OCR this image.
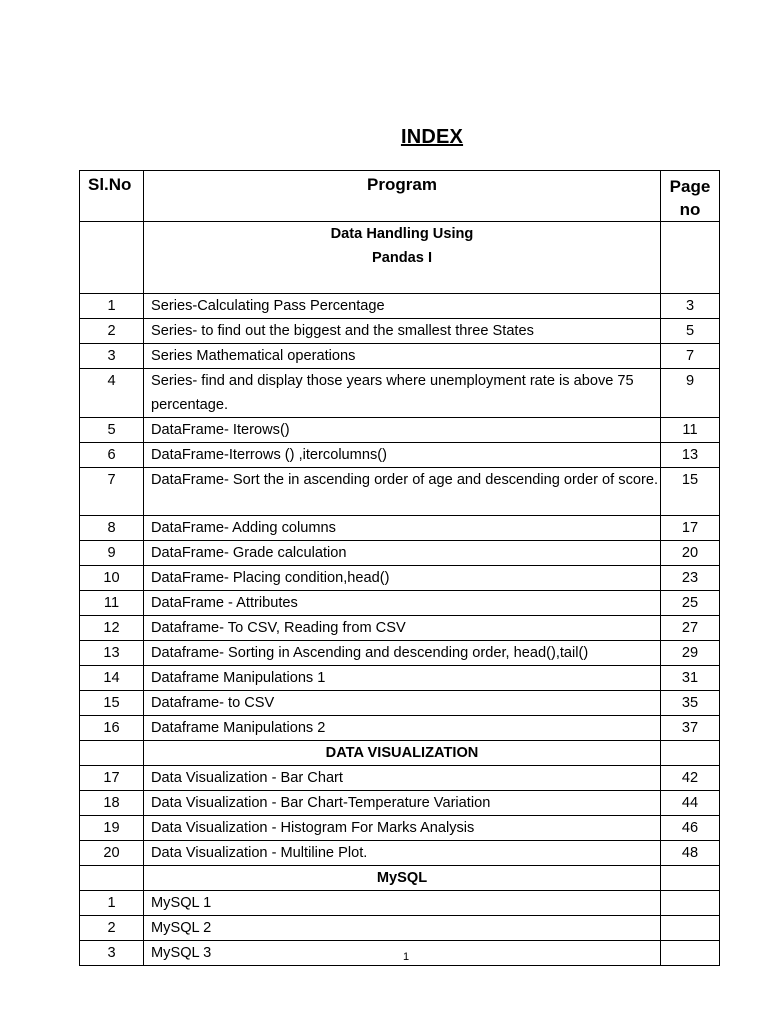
INDEX
Sl.No	Program	Page
no

	Data Handling Using
Pandas I	

1	Series-Calculating Pass Percentage	3
2	Series- to find out the biggest and the smallest three States	5
3	Series Mathematical operations	7
4	Series- find and display those years where unemployment rate is above 75 percentage.	9
5	DataFrame- Iterows()	11
6	DataFrame-Iterrows () ,itercolumns()	13
7	DataFrame- Sort the in ascending order of age and descending order of score.	15
8	DataFrame- Adding columns	17
9	DataFrame- Grade calculation	20
10	DataFrame- Placing condition,head()	23
11	DataFrame - Attributes	25
12	Dataframe- To CSV, Reading from CSV	27
13	Dataframe- Sorting in Ascending and descending order, head(),tail()	29
14	Dataframe Manipulations 1	31
15	Dataframe- to CSV	35
16	Dataframe Manipulations 2	37
	DATA VISUALIZATION	
17	Data Visualization - Bar Chart	42
18	Data Visualization - Bar Chart-Temperature Variation	44
19	Data Visualization - Histogram For Marks Analysis	46
20	Data Visualization - Multiline Plot.	48
	MySQL	
1	MySQL 1	
2	MySQL 2	
3	MySQL 3		1
